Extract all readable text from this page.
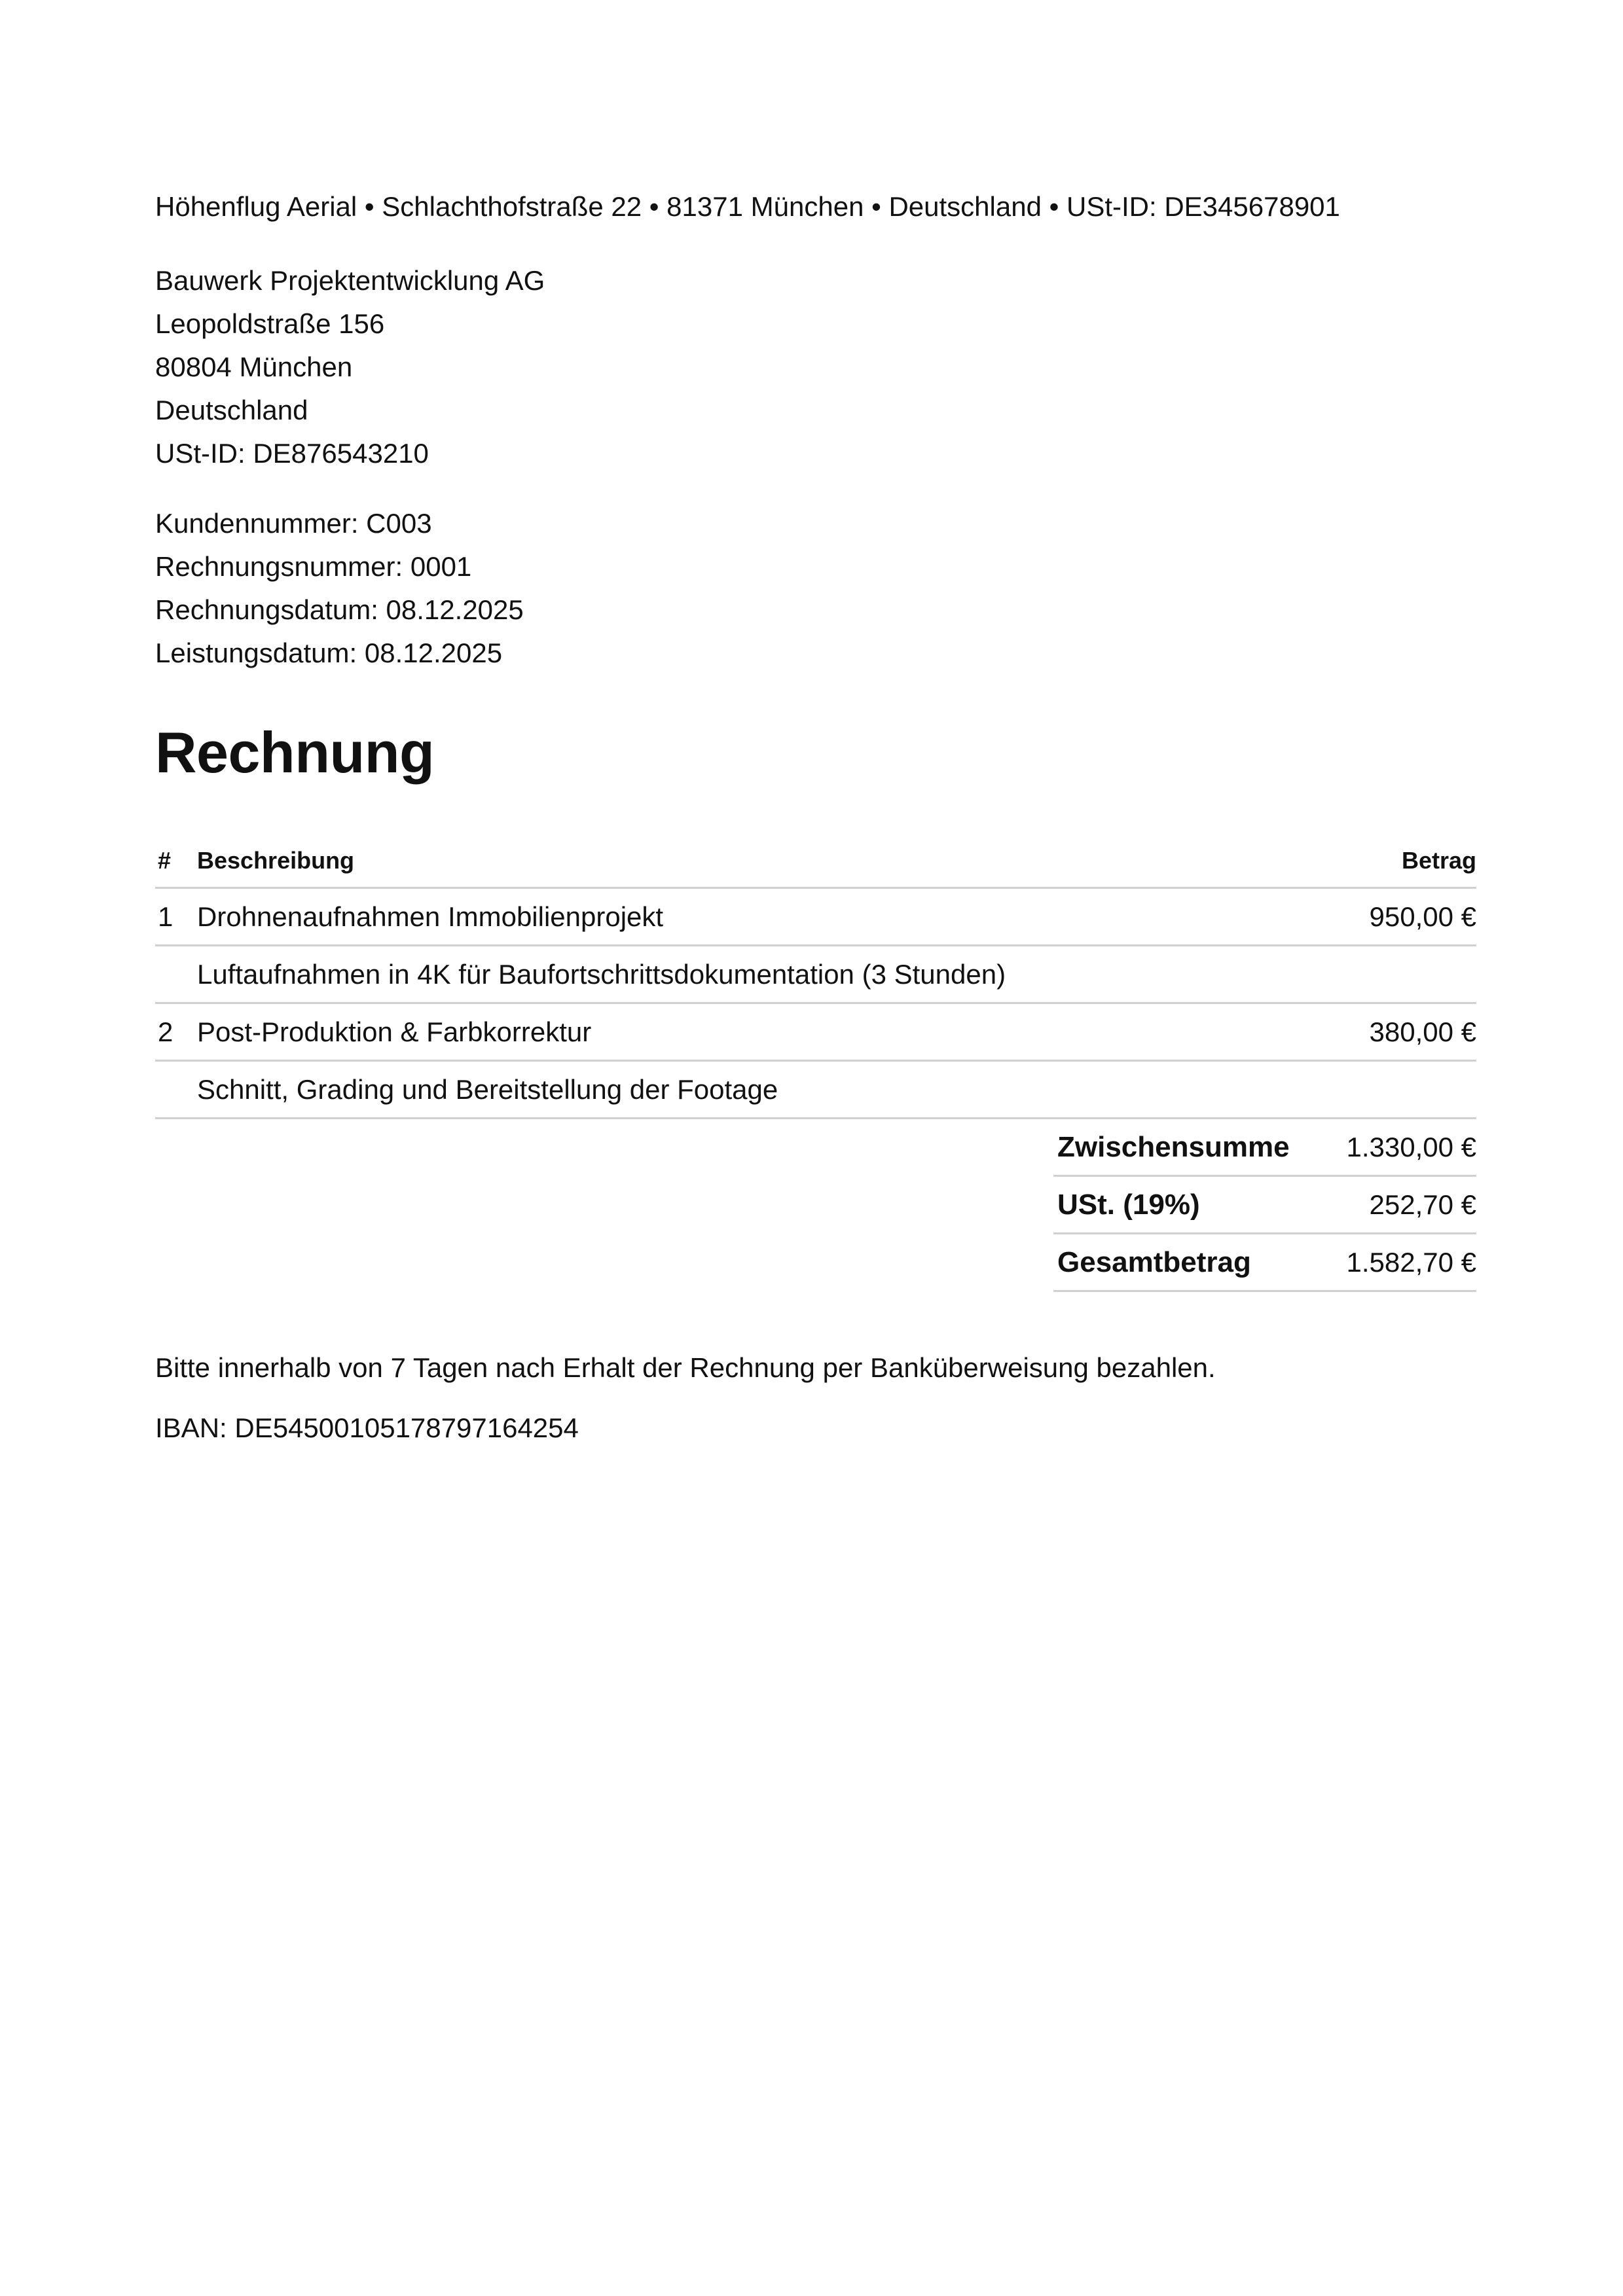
Höhenflug Aerial • Schlachthofstraße 22 • 81371 München • Deutschland • USt-ID: DE345678901
Bauwerk Projektentwicklung AG
Leopoldstraße 156
80804 München
Deutschland
USt-ID: DE876543210
Kundennummer: C003
Rechnungsnummer: 0001
Rechnungsdatum: 08.12.2025
Leistungsdatum: 08.12.2025
Rechnung
#	Beschreibung	Betrag
1	Drohnenaufnahmen Immobilienprojekt	950,00 €
	Luftaufnahmen in 4K für Baufortschrittsdokumentation (3 Stunden)	
2	Post-Produktion & Farbkorrektur	380,00 €
	Schnitt, Grading und Bereitstellung der Footage	
Zwischensumme	1.330,00 €
USt. (19%)	252,70 €
Gesamtbetrag	1.582,70 €
Bitte innerhalb von 7 Tagen nach Erhalt der Rechnung per Banküberweisung bezahlen.
IBAN: DE54500105178797164254
